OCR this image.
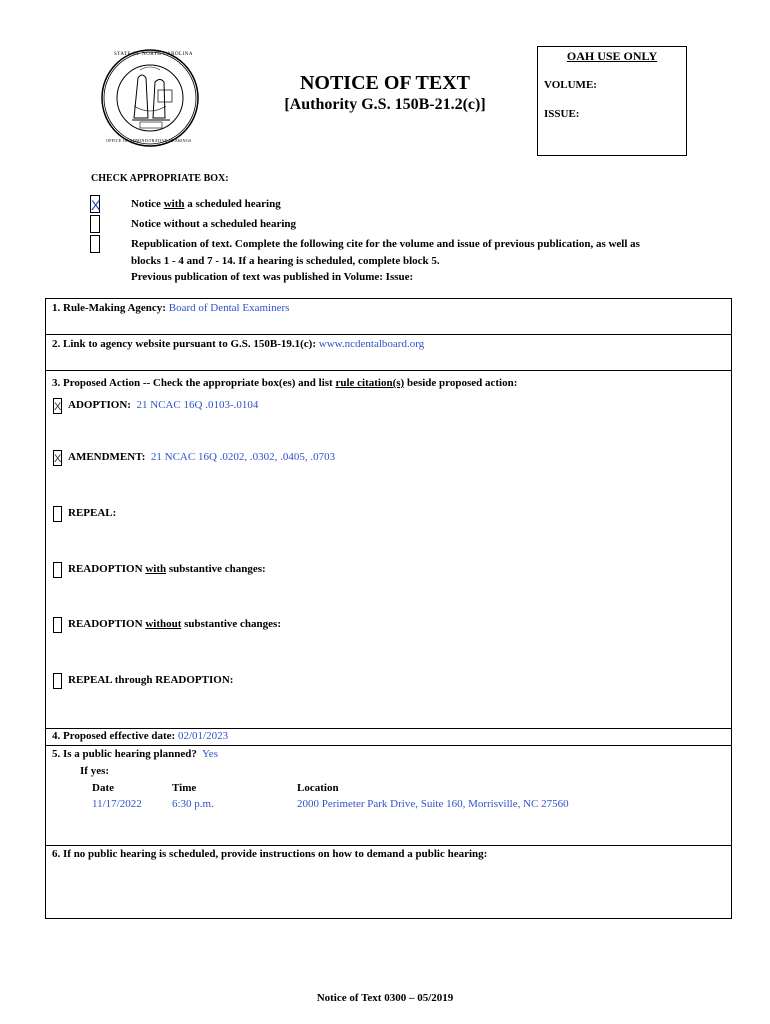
STATE OF NORTH CAROLINA
OFFICE OF ADMINISTRATIVE HEARINGS
NOTICE OF TEXT
[Authority G.S. 150B-21.2(c)]
OAH USE ONLY
VOLUME:
ISSUE:
CHECK APPROPRIATE BOX:
X	Notice with a scheduled hearing
Notice without a scheduled hearing
Republication of text. Complete the following cite for the volume and issue of previous publication, as well as
blocks 1 - 4 and 7 - 14. If a hearing is scheduled, complete block 5.
Previous publication of text was published in Volume: Issue:
1. Rule-Making Agency: Board of Dental Examiners
2. Link to agency website pursuant to G.S. 150B-19.1(c): www.ncdentalboard.org
3. Proposed Action -- Check the appropriate box(es) and list rule citation(s) beside proposed action:
X ADOPTION: 21 NCAC 16Q .0103-.0104
X AMENDMENT: 21 NCAC 16Q .0202, .0302, .0405, .0703
REPEAL:
READOPTION with substantive changes:
READOPTION without substantive changes:
REPEAL through READOPTION:
4. Proposed effective date: 02/01/2023
5. Is a public hearing planned? Yes
If yes:
Date	Time	Location
11/17/2022	6:30 p.m.	2000 Perimeter Park Drive, Suite 160, Morrisville, NC 27560
6. If no public hearing is scheduled, provide instructions on how to demand a public hearing:
Notice of Text 0300 – 05/2019
